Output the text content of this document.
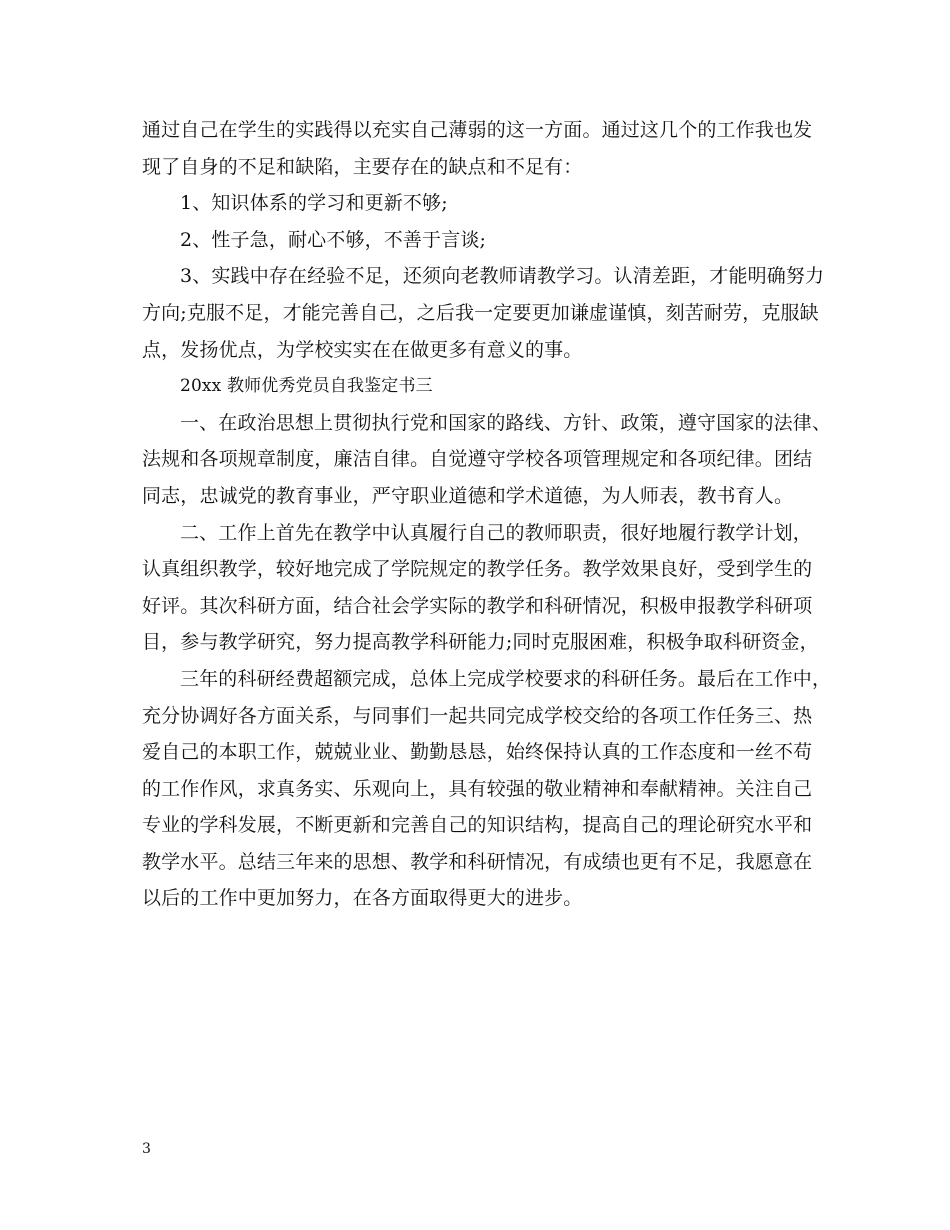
通过自己在学生的实践得以充实自己薄弱的这一方面。通过这几个的工作我也发
现了自身的不足和缺陷，主要存在的缺点和不足有：
1、知识体系的学习和更新不够;
2、性子急，耐心不够，不善于言谈;
3、实践中存在经验不足，还须向老教师请教学习。认清差距，才能明确努力
方向;克服不足，才能完善自己，之后我一定要更加谦虚谨慎，刻苦耐劳，克服缺
点，发扬优点，为学校实实在在做更多有意义的事。
20xx 教师优秀党员自我鉴定书三
一、在政治思想上贯彻执行党和国家的路线、方针、政策，遵守国家的法律、
法规和各项规章制度，廉洁自律。自觉遵守学校各项管理规定和各项纪律。团结
同志，忠诚党的教育事业，严守职业道德和学术道德，为人师表，教书育人。
二、工作上首先在教学中认真履行自己的教师职责，很好地履行教学计划，
认真组织教学，较好地完成了学院规定的教学任务。教学效果良好，受到学生的
好评。其次科研方面，结合社会学实际的教学和科研情况，积极申报教学科研项
目，参与教学研究，努力提高教学科研能力;同时克服困难，积极争取科研资金，
三年的科研经费超额完成，总体上完成学校要求的科研任务。最后在工作中，
充分协调好各方面关系，与同事们一起共同完成学校交给的各项工作任务三、热
爱自己的本职工作，兢兢业业、勤勤恳恳，始终保持认真的工作态度和一丝不苟
的工作作风，求真务实、乐观向上，具有较强的敬业精神和奉献精神。关注自己
专业的学科发展，不断更新和完善自己的知识结构，提高自己的理论研究水平和
教学水平。总结三年来的思想、教学和科研情况，有成绩也更有不足，我愿意在
以后的工作中更加努力，在各方面取得更大的进步。
3
